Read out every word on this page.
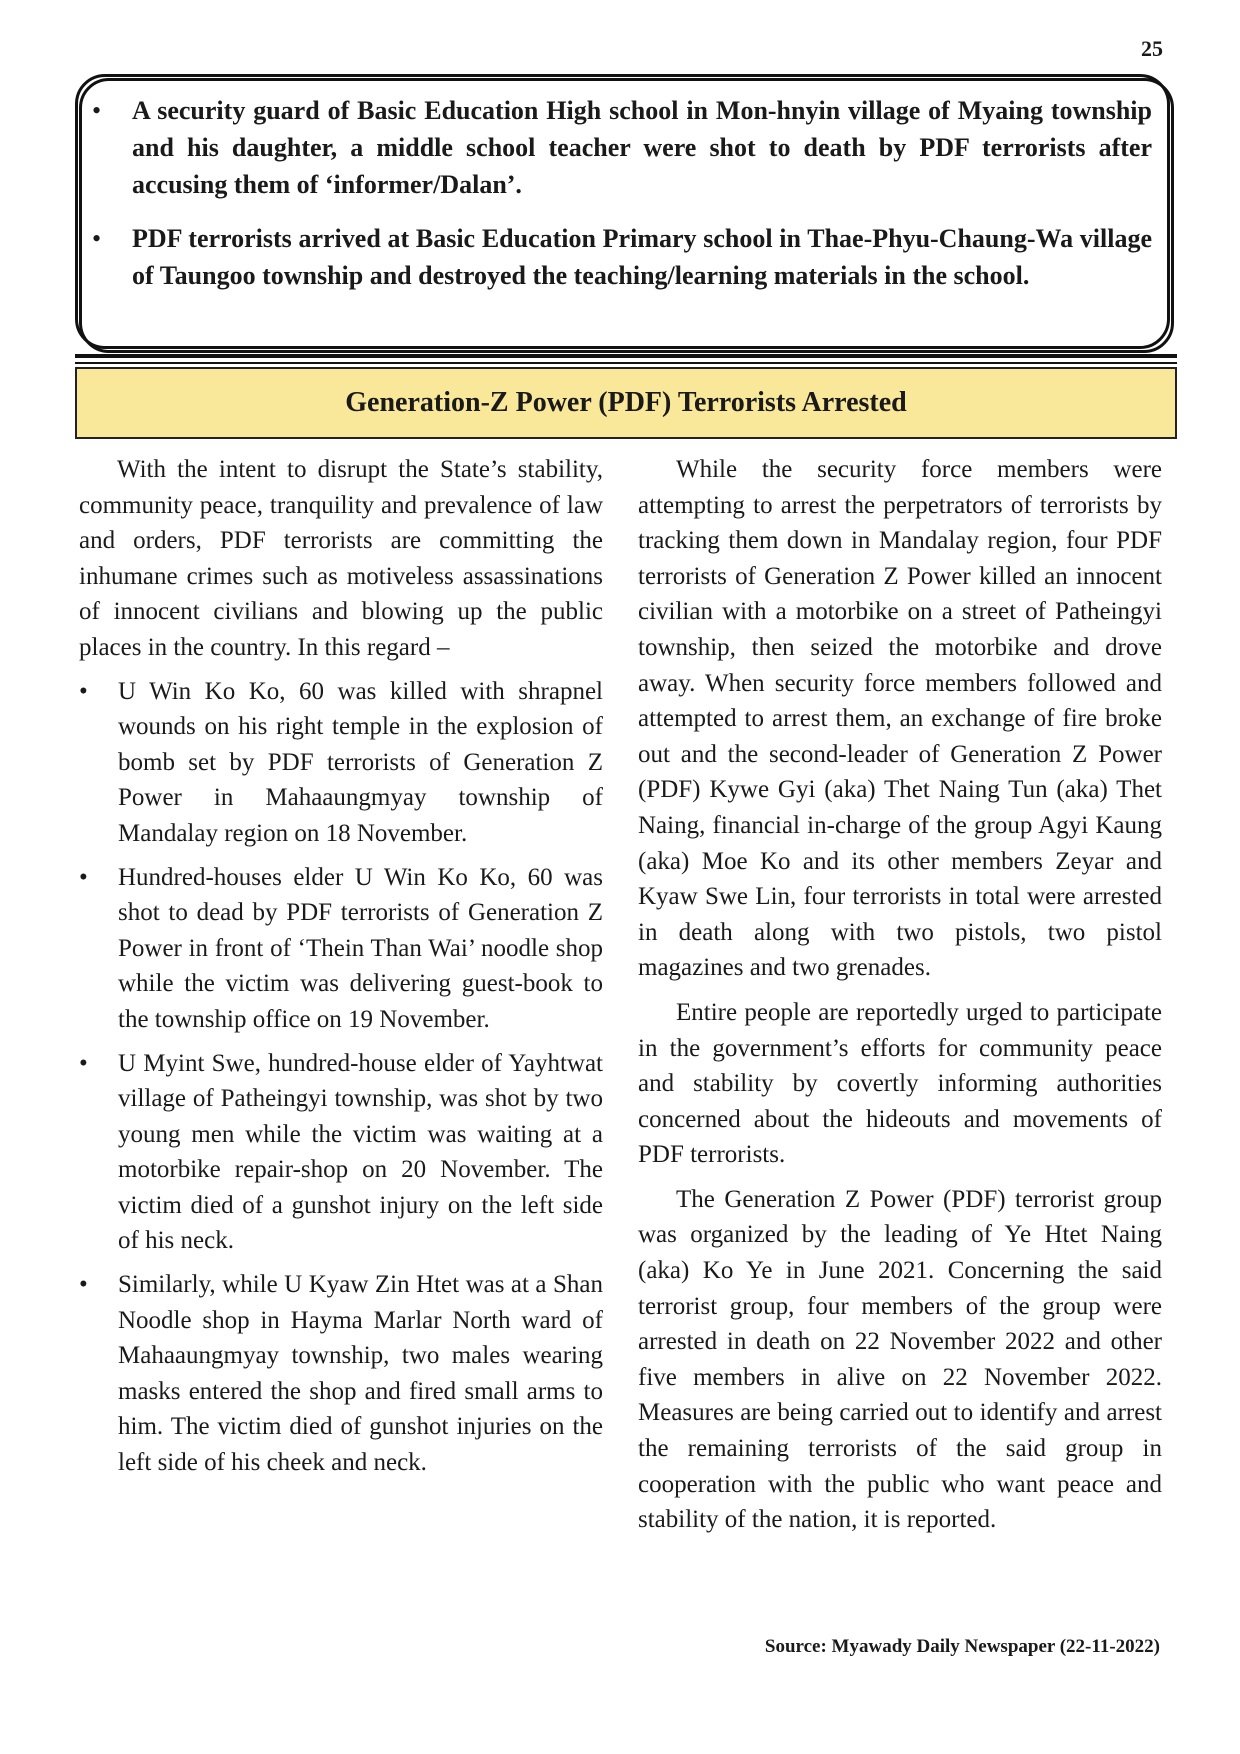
25
• A security guard of Basic Education High school in Mon-hnyin village of Myaing township and his daughter, a middle school teacher were shot to death by PDF terrorists after accusing them of ‘informer/Dalan’.
• PDF terrorists arrived at Basic Education Primary school in Thae-Phyu-Chaung-Wa village of Taungoo township and destroyed the teaching/learning materials in the school.
Generation-Z Power (PDF) Terrorists Arrested

With the intent to disrupt the State’s stability, community peace, tranquility and prevalence of law and orders, PDF terrorists are committing the inhumane crimes such as motiveless assassinations of innocent civilians and blowing up the public places in the country. In this regard –

• U Win Ko Ko, 60 was killed with shrapnel wounds on his right temple in the explosion of bomb set by PDF terrorists of Generation Z Power in Mahaaungmyay township of Mandalay region on 18 November.
• Hundred-houses elder U Win Ko Ko, 60 was shot to dead by PDF terrorists of Generation Z Power in front of ‘Thein Than Wai’ noodle shop while the victim was delivering guest-book to the township office on 19 November.
• U Myint Swe, hundred-house elder of Yayhtwat village of Patheingyi township, was shot by two young men while the victim was waiting at a motorbike repair-shop on 20 November. The victim died of a gunshot injury on the left side of his neck.
• Similarly, while U Kyaw Zin Htet was at a Shan Noodle shop in Hayma Marlar North ward of Mahaaungmyay township, two males wearing masks entered the shop and fired small arms to him. The victim died of gunshot injuries on the left side of his cheek and neck.

While the security force members were attempting to arrest the perpetrators of terrorists by tracking them down in Mandalay region, four PDF terrorists of Generation Z Power killed an innocent civilian with a motorbike on a street of Patheingyi township, then seized the motorbike and drove away. When security force members followed and attempted to arrest them, an exchange of fire broke out and the second-leader of Generation Z Power (PDF) Kywe Gyi (aka) Thet Naing Tun (aka) Thet Naing, financial in-charge of the group Agyi Kaung (aka) Moe Ko and its other members Zeyar and Kyaw Swe Lin, four terrorists in total were arrested in death along with two pistols, two pistol magazines and two grenades.

Entire people are reportedly urged to participate in the government’s efforts for community peace and stability by covertly informing authorities concerned about the hideouts and movements of PDF terrorists.

The Generation Z Power (PDF) terrorist group was organized by the leading of Ye Htet Naing (aka) Ko Ye in June 2021. Concerning the said terrorist group, four members of the group were arrested in death on 22 November 2022 and other five members in alive on 22 November 2022. Measures are being carried out to identify and arrest the remaining terrorists of the said group in cooperation with the public who want peace and stability of the nation, it is reported.

Source: Myawady Daily Newspaper (22-11-2022)
